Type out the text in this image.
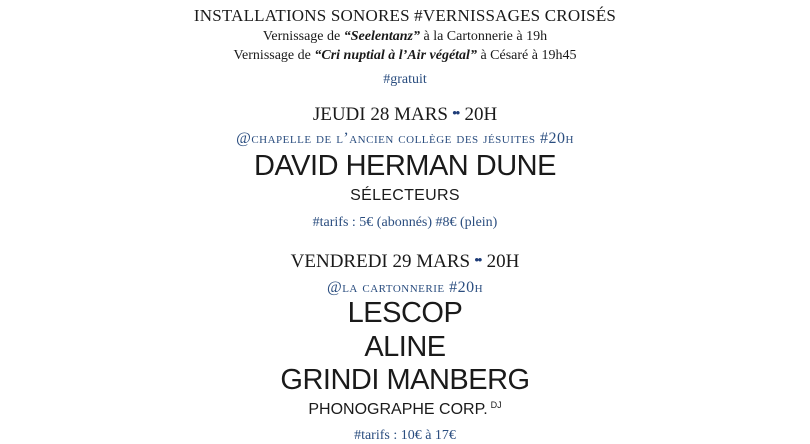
INSTALLATIONS SONORES #VERNISSAGES CROISÉS
Vernissage de “Seelentanz” à la Cartonnerie à 19h
Vernissage de “Cri nuptial à l’Air végétal” à Césaré à 19h45
#gratuit
JEUDI 28 MARS •• 20H
@chapelle de l’ancien collège des jésuites #20h
DAVID HERMAN DUNE
SÉLECTEURS
#tarifs : 5€ (abonnés) #8€ (plein)
VENDREDI 29 MARS •• 20H
@la cartonnerie #20h
LESCOP
ALINE
GRINDI MANBERG
PHONOGRAPHE CORP. $^{DJ}$
#tarifs : 10€ à 17€
